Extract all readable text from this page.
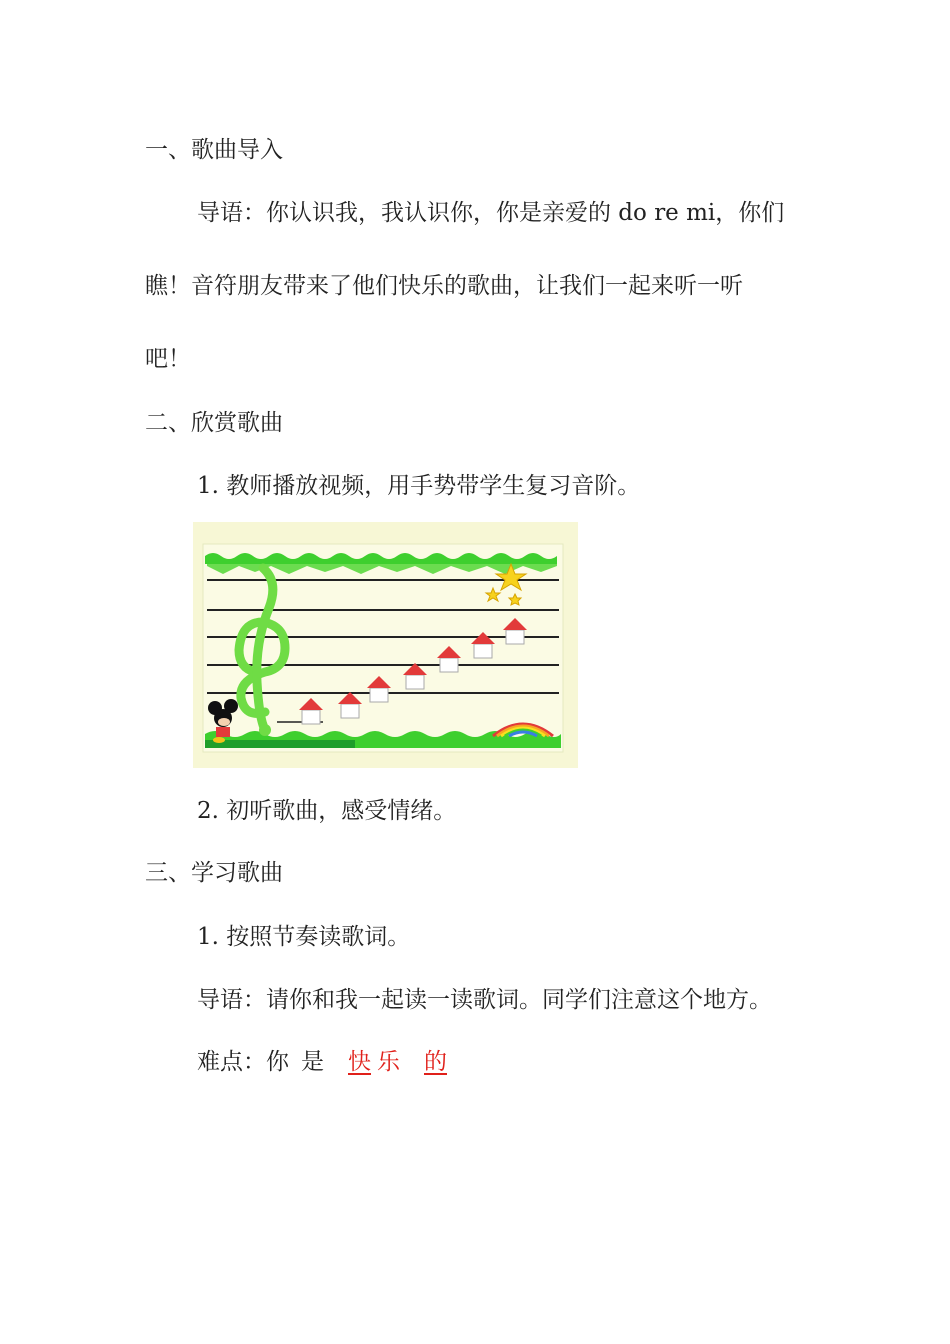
一、歌曲导入
导语：你认识我，我认识你，你是亲爱的 do re mi，你们
瞧！音符朋友带来了他们快乐的歌曲，让我们一起来听一听
吧！
二、欣赏歌曲
1. 教师播放视频，用手势带学生复习音阶。
2. 初听歌曲，感受情绪。
三、学习歌曲
1. 按照节奏读歌词。
导语：请你和我一起读一读歌词。同学们注意这个地方。
难点：你 是 快 乐 的
